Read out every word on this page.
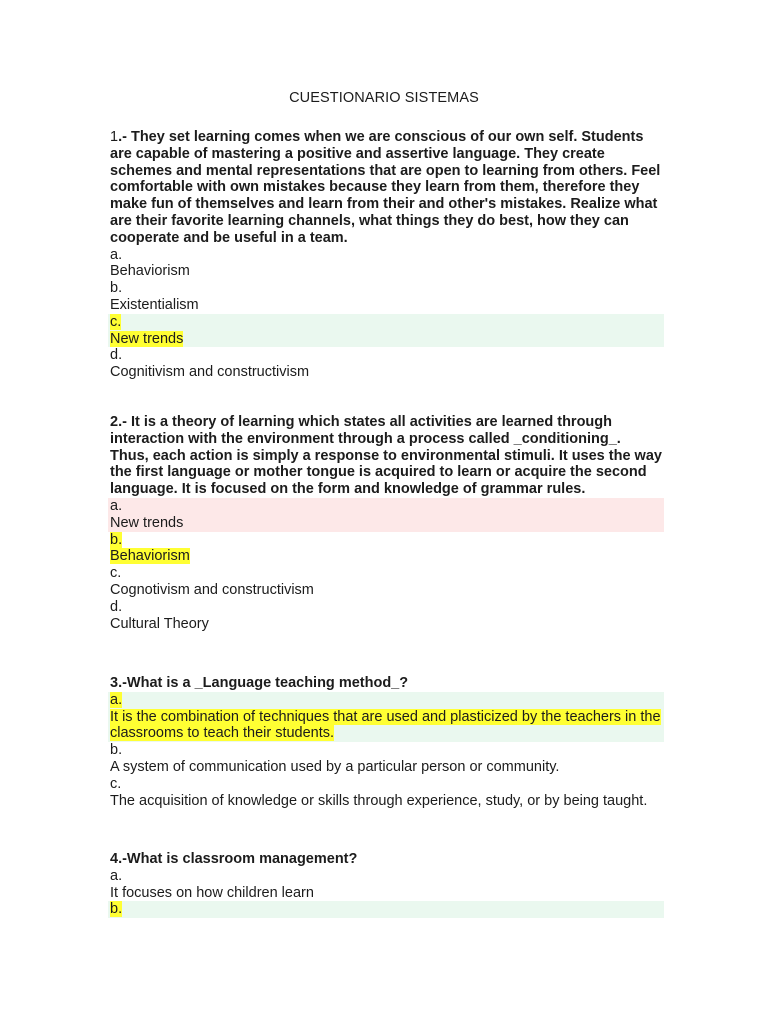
CUESTIONARIO SISTEMAS

1.- They set learning comes when we are conscious of our own self. Students are capable of mastering a positive and assertive language. They create schemes and mental representations that are open to learning from others. Feel comfortable with own mistakes because they learn from them, therefore they make fun of themselves and learn from their and other's mistakes. Realize what are their favorite learning channels, what things they do best, how they can cooperate and be useful in a team.

a.
Behaviorism
b.
Existentialism
c.
New trends
d.
Cognitivism and constructivism

2.- It is a theory of learning which states all activities are learned through interaction with the environment through a process called _conditioning_. Thus, each action is simply a response to environmental stimuli. It uses the way the first language or mother tongue is acquired to learn or acquire the second language. It is focused on the form and knowledge of grammar rules.

a.
New trends
b.
Behaviorism
c.
Cognotivism and constructivism
d.
Cultural Theory

3.-What is a _Language teaching method_?

a.
It is the combination of techniques that are used and plasticized by the teachers in the classrooms to teach their students.
b.
A system of communication used by a particular person or community.
c.
The acquisition of knowledge or skills through experience, study, or by being taught.

4.-What is classroom management?

a.
It focuses on how children learn
b.
